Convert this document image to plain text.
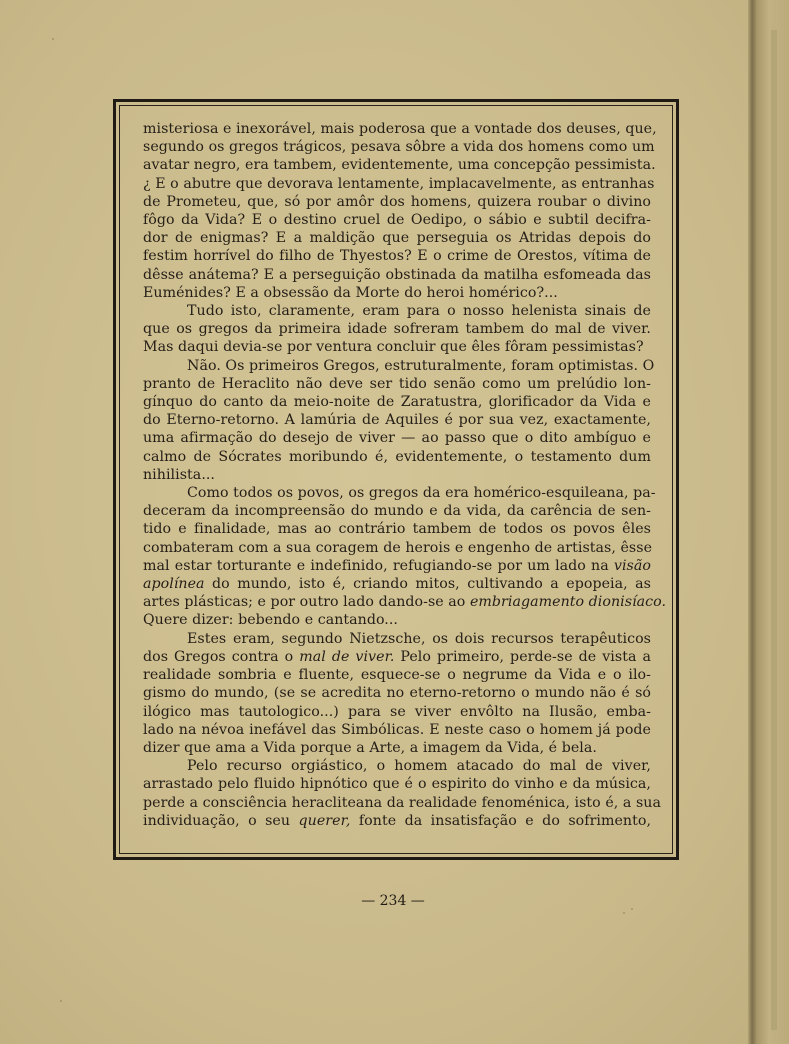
misteriosa e inexorável, mais poderosa que a vontade dos deuses, que,
segundo os gregos trágicos, pesava sôbre a vida dos homens como um
avatar negro, era tambem, evidentemente, uma concepção pessimista.
¿ E o abutre que devorava lentamente, implacavelmente, as entranhas
de Prometeu, que, só por amôr dos homens, quizera roubar o divino
fôgo da Vida? E o destino cruel de Oedipo, o sábio e subtil decifra-
dor de enigmas? E a maldição que perseguia os Atridas depois do
festim horrível do filho de Thyestos? E o crime de Orestos, vítima de
dêsse anátema? E a perseguição obstinada da matilha esfomeada das
Euménides? E a obsessão da Morte do heroi homérico?...

Tudo isto, claramente, eram para o nosso helenista sinais de
que os gregos da primeira idade sofreram tambem do mal de viver.
Mas daqui devia-se por ventura concluir que êles fôram pessimistas?

Não. Os primeiros Gregos, estruturalmente, foram optimistas. O
pranto de Heraclito não deve ser tido senão como um prelúdio lon-
gínquo do canto da meio-noite de Zaratustra, glorificador da Vida e
do Eterno-retorno. A lamúria de Aquiles é por sua vez, exactamente,
uma afirmação do desejo de viver — ao passo que o dito ambíguo e
calmo de Sócrates moribundo é, evidentemente, o testamento dum
nihilista...

Como todos os povos, os gregos da era homérico-esquileana, pa-
deceram da incompreensão do mundo e da vida, da carência de sen-
tido e finalidade, mas ao contrário tambem de todos os povos êles
combateram com a sua coragem de herois e engenho de artistas, êsse
mal estar torturante e indefinido, refugiando-se por um lado na visão
apolínea do mundo, isto é, criando mitos, cultivando a epopeia, as
artes plásticas; e por outro lado dando-se ao embriagamento dionisíaco.
Quere dizer: bebendo e cantando...

Estes eram, segundo Nietzsche, os dois recursos terapêuticos
dos Gregos contra o mal de viver. Pelo primeiro, perde-se de vista a
realidade sombria e fluente, esquece-se o negrume da Vida e o ilo-
gismo do mundo, (se se acredita no eterno-retorno o mundo não é só
ilógico mas tautologico...) para se viver envôlto na Ilusão, emba-
lado na névoa inefável das Simbólicas. E neste caso o homem já pode
dizer que ama a Vida porque a Arte, a imagem da Vida, é bela.

Pelo recurso orgiástico, o homem atacado do mal de viver,
arrastado pelo fluido hipnótico que é o espirito do vinho e da música,
perde a consciência heracliteana da realidade fenoménica, isto é, a sua
individuação, o seu querer, fonte da insatisfação e do sofrimento,

— 234 —
